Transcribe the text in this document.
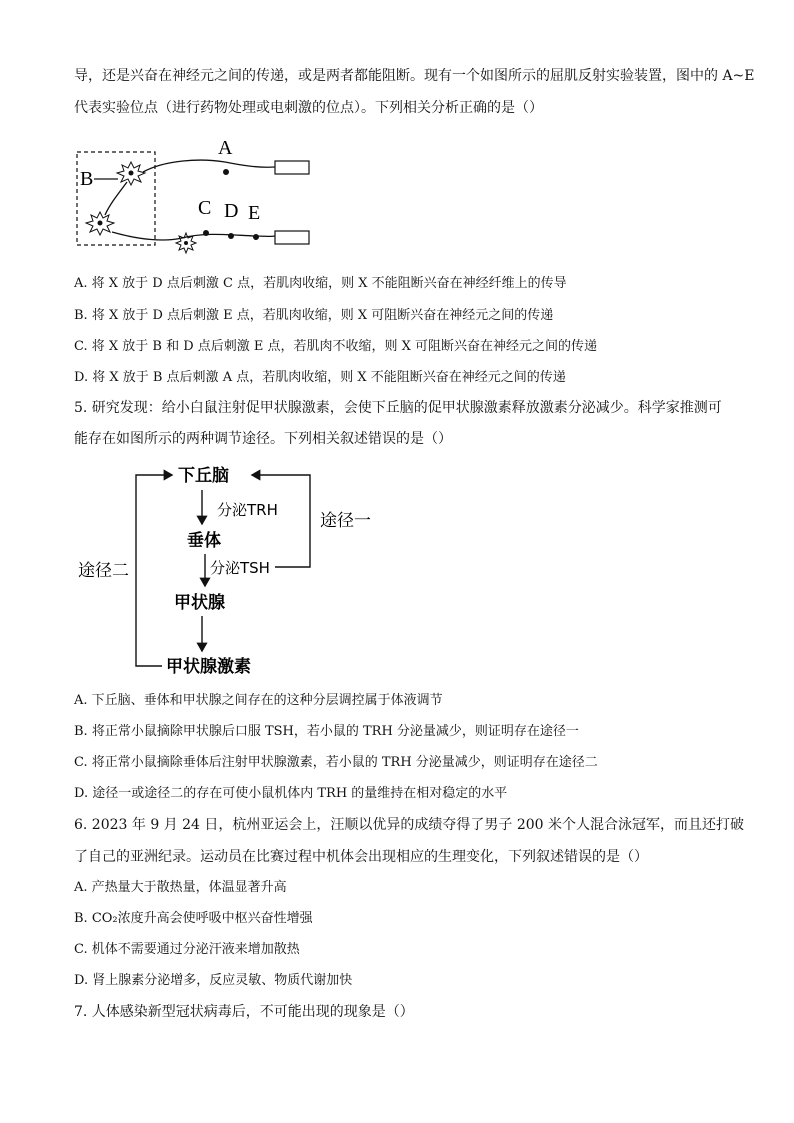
导，还是兴奋在神经元之间的传递，或是两者都能阻断。现有一个如图所示的屈肌反射实验装置，图中的 A~E
代表实验位点（进行药物处理或电刺激的位点）。下列相关分析正确的是（）
B
A
C D E
A. 将 X 放于 D 点后刺激 C 点，若肌肉收缩，则 X 不能阻断兴奋在神经纤维上的传导
B. 将 X 放于 D 点后刺激 E 点，若肌肉收缩，则 X 可阻断兴奋在神经元之间的传递
C. 将 X 放于 B 和 D 点后刺激 E 点，若肌肉不收缩，则 X 可阻断兴奋在神经元之间的传递
D. 将 X 放于 B 点后刺激 A 点，若肌肉收缩，则 X 不能阻断兴奋在神经元之间的传递
5. 研究发现：给小白鼠注射促甲状腺激素，会使下丘脑的促甲状腺激素释放激素分泌减少。科学家推测可
能存在如图所示的两种调节途径。下列相关叙述错误的是（）
下丘脑
分泌TRH
垂体
分泌TSH
甲状腺
甲状腺激素
途径一
途径二
A. 下丘脑、垂体和甲状腺之间存在的这种分层调控属于体液调节
B. 将正常小鼠摘除甲状腺后口服 TSH，若小鼠的 TRH 分泌量减少，则证明存在途径一
C. 将正常小鼠摘除垂体后注射甲状腺激素，若小鼠的 TRH 分泌量减少，则证明存在途径二
D. 途径一或途径二的存在可使小鼠机体内 TRH 的量维持在相对稳定的水平
6. 2023 年 9 月 24 日，杭州亚运会上，汪顺以优异的成绩夺得了男子 200 米个人混合泳冠军，而且还打破
了自己的亚洲纪录。运动员在比赛过程中机体会出现相应的生理变化，下列叙述错误的是（）
A. 产热量大于散热量，体温显著升高
B. CO₂浓度升高会使呼吸中枢兴奋性增强
C. 机体不需要通过分泌汗液来增加散热
D. 肾上腺素分泌增多，反应灵敏、物质代谢加快
7. 人体感染新型冠状病毒后，不可能出现的现象是（）
